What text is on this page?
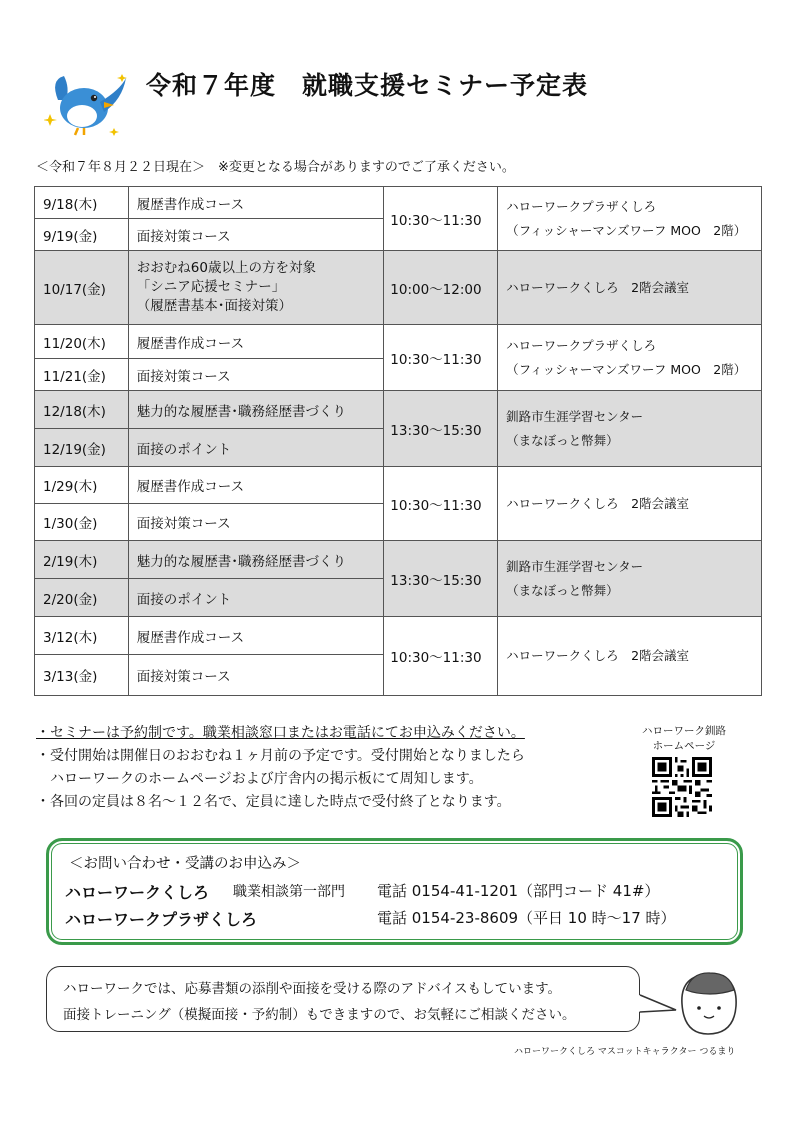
令和７年度　就職支援セミナー予定表
＜令和７年８月２２日現在＞　※変更となる場合がありますのでご了承ください。
9/18(木)	履歴書作成コース	10:30～11:30	ハローワークプラザくしろ
（フィッシャーマンズワーフ MOO　2階）

9/19(金)	面接対策コース		
10/17(金)	おおむね60歳以上の方を対象
「シニア応援セミナー」
（履歴書基本･面接対策）	10:00～12:00	ハローワークくしろ　2階会議室
11/20(木)	履歴書作成コース	10:30～11:30	ハローワークプラザくしろ
（フィッシャーマンズワーフ MOO　2階）

11/21(金)	面接対策コース		
12/18(木)	魅力的な履歴書･職務経歴書づくり	13:30～15:30	釧路市生涯学習センター
（まなぼっと幣舞）

12/19(金)	面接のポイント		
1/29(木)	履歴書作成コース	10:30～11:30	ハローワークくしろ　2階会議室
1/30(金)	面接対策コース		
2/19(木)	魅力的な履歴書･職務経歴書づくり	13:30～15:30	釧路市生涯学習センター
（まなぼっと幣舞）

2/20(金)	面接のポイント		
3/12(木)	履歴書作成コース	10:30～11:30	ハローワークくしろ　2階会議室
3/13(金)	面接対策コース		
・セミナーは予約制です。職業相談窓口またはお電話にてお申込みください。
・受付開始は開催日のおおむね１ヶ月前の予定です。受付開始となりましたら
ハローワークのホームページおよび庁舎内の掲示板にて周知します。
・各回の定員は８名～１２名で、定員に達した時点で受付終了となります。
ハローワーク釧路
ホームページ
＜お問い合わせ・受講のお申込み＞
ハローワークくしろ 職業相談第一部門 電話 0154-41-1201（部門コード 41#）
ハローワークプラザくしろ	電話 0154-23-8609（平日 10 時～17 時）
ハローワークでは、応募書類の添削や面接を受ける際のアドバイスもしています。
面接トレーニング（模擬面接・予約制）もできますので、お気軽にご相談ください。
ハローワークくしろ マスコットキャラクター つるまり
